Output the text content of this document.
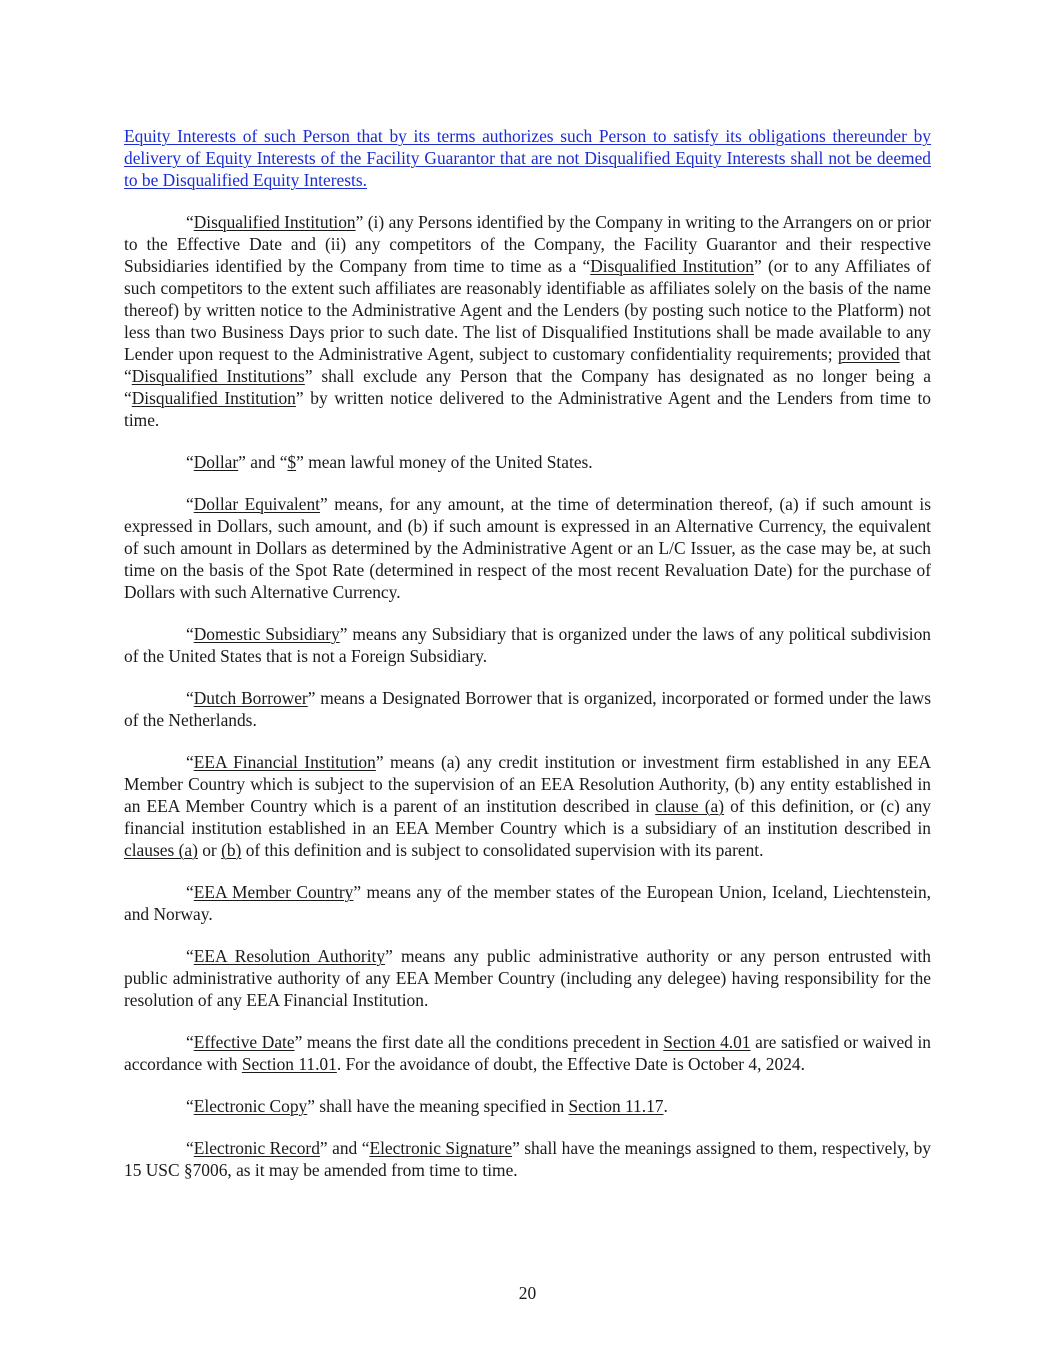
Equity Interests of such Person that by its terms authorizes such Person to satisfy its obligations thereunder by delivery of Equity Interests of the Facility Guarantor that are not Disqualified Equity Interests shall not be deemed to be Disqualified Equity Interests.

“Disqualified Institution” (i) any Persons identified by the Company in writing to the Arrangers on or prior to the Effective Date and (ii) any competitors of the Company, the Facility Guarantor and their respective Subsidiaries identified by the Company from time to time as a “Disqualified Institution” (or to any Affiliates of such competitors to the extent such affiliates are reasonably identifiable as affiliates solely on the basis of the name thereof) by written notice to the Administrative Agent and the Lenders (by posting such notice to the Platform) not less than two Business Days prior to such date. The list of Disqualified Institutions shall be made available to any Lender upon request to the Administrative Agent, subject to customary confidentiality requirements; provided that “Disqualified Institutions” shall exclude any Person that the Company has designated as no longer being a “Disqualified Institution” by written notice delivered to the Administrative Agent and the Lenders from time to time.

“Dollar” and “$” mean lawful money of the United States.

“Dollar Equivalent” means, for any amount, at the time of determination thereof, (a) if such amount is expressed in Dollars, such amount, and (b) if such amount is expressed in an Alternative Currency, the equivalent of such amount in Dollars as determined by the Administrative Agent or an L/C Issuer, as the case may be, at such time on the basis of the Spot Rate (determined in respect of the most recent Revaluation Date) for the purchase of Dollars with such Alternative Currency.

“Domestic Subsidiary” means any Subsidiary that is organized under the laws of any political subdivision of the United States that is not a Foreign Subsidiary.

“Dutch Borrower” means a Designated Borrower that is organized, incorporated or formed under the laws of the Netherlands.

“EEA Financial Institution” means (a) any credit institution or investment firm established in any EEA Member Country which is subject to the supervision of an EEA Resolution Authority, (b) any entity established in an EEA Member Country which is a parent of an institution described in clause (a) of this definition, or (c) any financial institution established in an EEA Member Country which is a subsidiary of an institution described in clauses (a) or (b) of this definition and is subject to consolidated supervision with its parent.

“EEA Member Country” means any of the member states of the European Union, Iceland, Liechtenstein, and Norway.

“EEA Resolution Authority” means any public administrative authority or any person entrusted with public administrative authority of any EEA Member Country (including any delegee) having responsibility for the resolution of any EEA Financial Institution.

“Effective Date” means the first date all the conditions precedent in Section 4.01 are satisfied or waived in accordance with Section 11.01. For the avoidance of doubt, the Effective Date is October 4, 2024.

“Electronic Copy” shall have the meaning specified in Section 11.17.

“Electronic Record” and “Electronic Signature” shall have the meanings assigned to them, respectively, by 15 USC §7006, as it may be amended from time to time.

20
